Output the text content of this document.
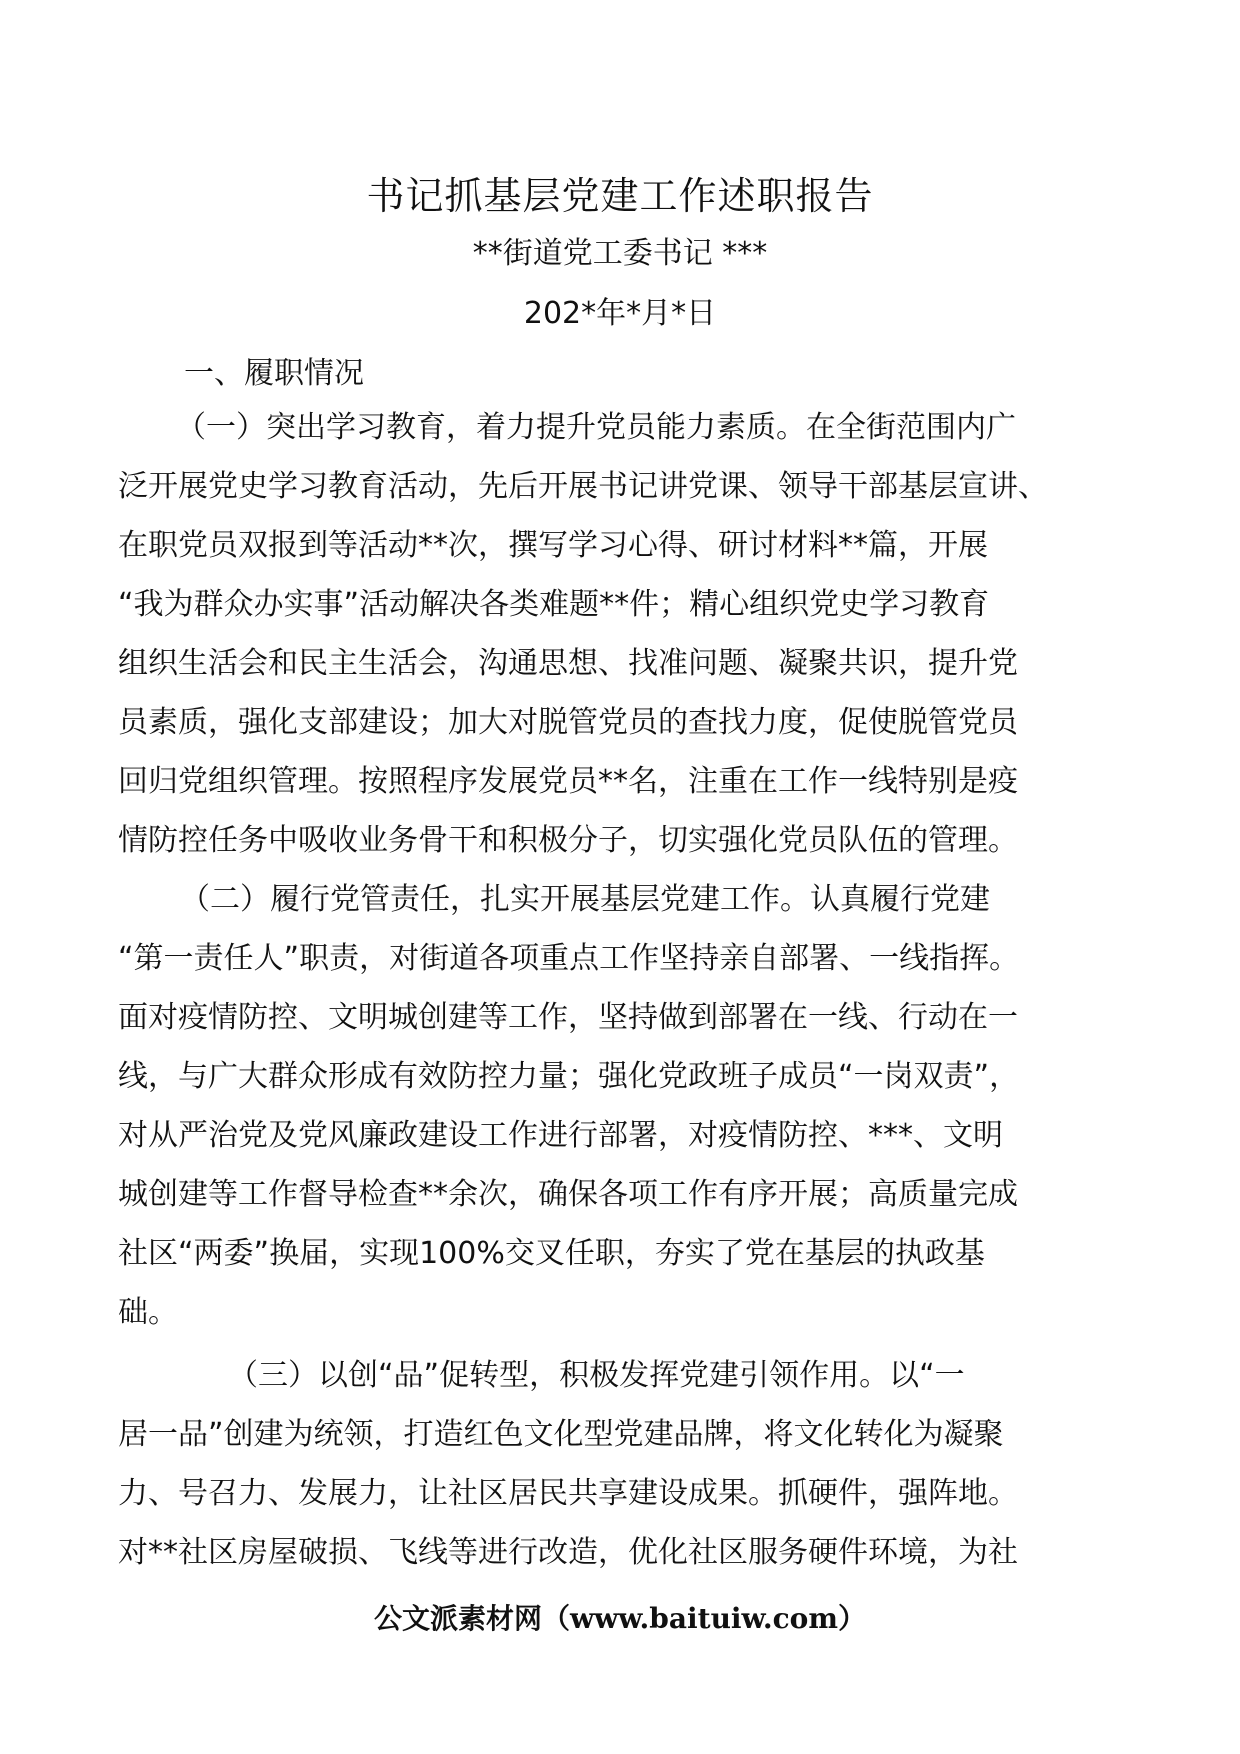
书记抓基层党建工作述职报告

**街道党工委书记 ***

202*年*月*日

一、履职情况

（一）突出学习教育，着力提升党员能力素质。在全街范围内广

泛开展党史学习教育活动，先后开展书记讲党课、领导干部基层宣讲、

在职党员双报到等活动**次，撰写学习心得、研讨材料**篇，开展

“我为群众办实事”活动解决各类难题**件；精心组织党史学习教育

组织生活会和民主生活会，沟通思想、找准问题、凝聚共识，提升党

员素质，强化支部建设；加大对脱管党员的查找力度，促使脱管党员

回归党组织管理。按照程序发展党员**名，注重在工作一线特别是疫

情防控任务中吸收业务骨干和积极分子，切实强化党员队伍的管理。

（二）履行党管责任，扎实开展基层党建工作。认真履行党建

“第一责任人”职责，对街道各项重点工作坚持亲自部署、一线指挥。

面对疫情防控、文明城创建等工作，坚持做到部署在一线、行动在一

线，与广大群众形成有效防控力量；强化党政班子成员“一岗双责”，

对从严治党及党风廉政建设工作进行部署，对疫情防控、***、文明

城创建等工作督导检查**余次，确保各项工作有序开展；高质量完成

社区“两委”换届，实现100%交叉任职，夯实了党在基层的执政基

础。

（三）以创“品”促转型，积极发挥党建引领作用。以“一

居一品”创建为统领，打造红色文化型党建品牌，将文化转化为凝聚

力、号召力、发展力，让社区居民共享建设成果。抓硬件，强阵地。

对**社区房屋破损、飞线等进行改造，优化社区服务硬件环境，为社

公文派素材网（www.baituiw.com）
